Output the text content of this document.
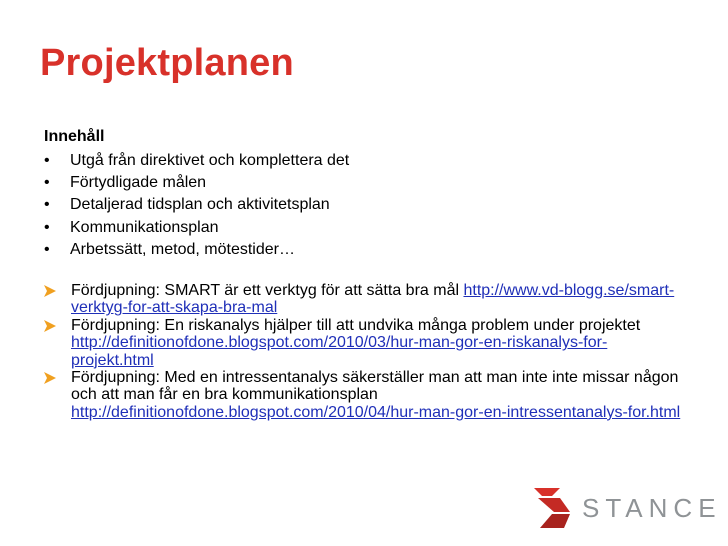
Projektplanen
Innehåll
• Utgå från direktivet och komplettera det
• Förtydligade målen
• Detaljerad tidsplan och aktivitetsplan
• Kommunikationsplan
• Arbetssätt, metod, mötestider…
Fördjupning: SMART är ett verktyg för att sätta bra mål http://www.vd-blogg.se/smart-verktyg-for-att-skapa-bra-mal
Fördjupning: En riskanalys hjälper till att undvika många problem under projektet http://definitionofdone.blogspot.com/2010/03/hur-man-gor-en-riskanalys-for-projekt.html
Fördjupning: Med en intressentanalys säkerställer man att man inte inte missar någon och att man får en bra kommunikationsplan http://definitionofdone.blogspot.com/2010/04/hur-man-gor-en-intressentanalys-for.html
STANCE
